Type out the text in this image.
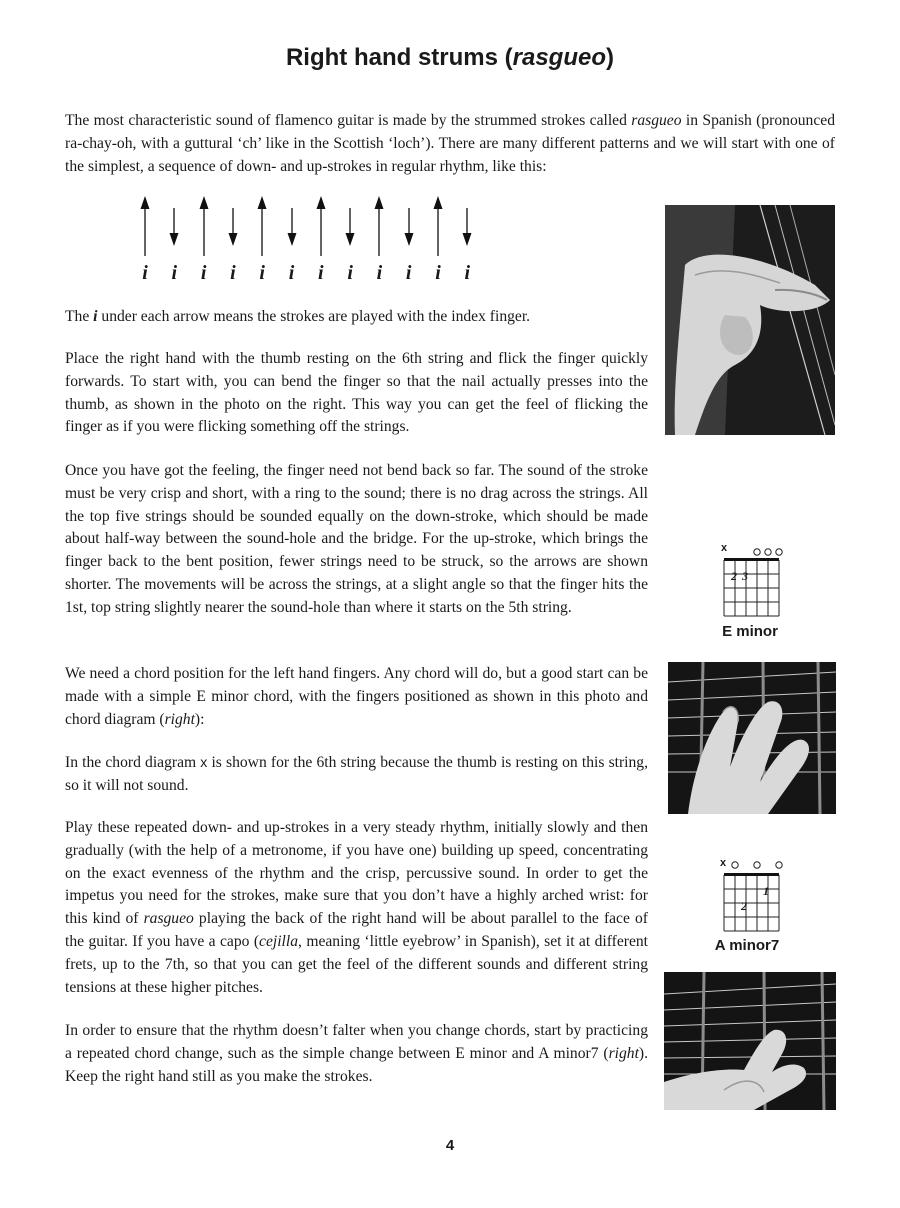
Right hand strums (rasgueo)

The most characteristic sound of flamenco guitar is made by the strummed strokes called rasgueo in Spanish (pronounced ra-chay-oh, with a guttural ‘ch’ like in the Scottish ‘loch’). There are many different patterns and we will start with one of the simplest, a sequence of down- and up-strokes in regular rhythm, like this:

i	i	i	i	i	i	i	i	i	i	i	i

The i under each arrow means the strokes are played with the index finger.

Place the right hand with the thumb resting on the 6th string and flick the finger quickly forwards. To start with, you can bend the finger so that the nail actually presses into the thumb, as shown in the photo on the right. This way you can get the feel of flicking the finger as if you were flicking something off the strings.

Once you have got the feeling, the finger need not bend back so far. The sound of the stroke must be very crisp and short, with a ring to the sound; there is no drag across the strings. All the top five strings should be sounded equally on the down-stroke, which should be made about half-way between the sound-hole and the bridge. For the up-stroke, which brings the finger back to the bent position, fewer strings need to be struck, so the arrows are shown shorter. The movements will be across the strings, at a slight angle so that the finger hits the 1st, top string slightly nearer the sound-hole than where it starts on the 5th string.

We need a chord position for the left hand fingers. Any chord will do, but a good start can be made with a simple E minor chord, with the fingers positioned as shown in this photo and chord diagram (right):

In the chord diagram x is shown for the 6th string because the thumb is resting on this string, so it will not sound.

Play these repeated down- and up-strokes in a very steady rhythm, initially slowly and then gradually (with the help of a metronome, if you have one) building up speed, concentrating on the exact evenness of the rhythm and the crisp, percussive sound. In order to get the impetus you need for the strokes, make sure that you don’t have a highly arched wrist: for this kind of rasgueo playing the back of the right hand will be about parallel to the face of the guitar. If you have a capo (cejilla, meaning ‘little eyebrow’ in Spanish), set it at different frets, up to the 7th, so that you can get the feel of the different sounds and different string tensions at these higher pitches.

In order to ensure that the rhythm doesn’t falter when you change chords, start by practicing a repeated chord change, such as the simple change between E minor and A minor7 (right). Keep the right hand still as you make the strokes.

x
2 3
E minor
x
2
1
A minor7
4
